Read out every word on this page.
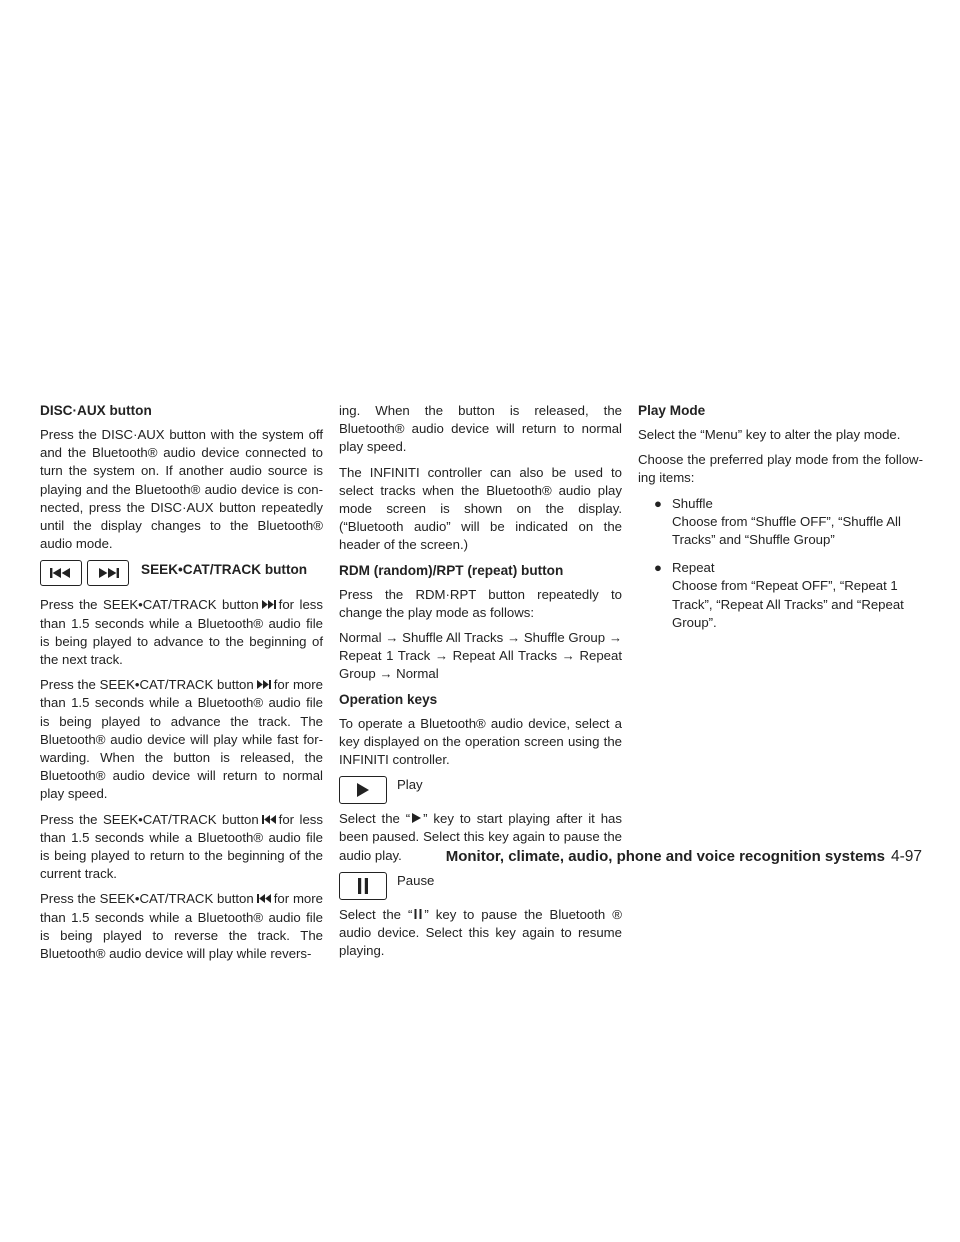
DISC·AUX button

Press the DISC·AUX button with the system off and the Bluetooth® audio device connected to turn the system on. If another audio source is playing and the Bluetooth® audio device is connected, press the DISC·AUX button repeatedly until the display changes to the Bluetooth® audio mode.

SEEK•CAT/TRACK button

Press the SEEK•CAT/TRACK button for less than 1.5 seconds while a Bluetooth® audio file is being played to advance to the beginning of the next track.

Press the SEEK•CAT/TRACK button for more than 1.5 seconds while a Bluetooth® audio file is being played to advance the track. The Bluetooth® audio device will play while fast forwarding. When the button is released, the Bluetooth® audio device will return to normal play speed.

Press the SEEK•CAT/TRACK button for less than 1.5 seconds while a Bluetooth® audio file is being played to return to the beginning of the current track.

Press the SEEK•CAT/TRACK button for more than 1.5 seconds while a Bluetooth® audio file is being played to reverse the track. The Bluetooth® audio device will play while revers-

ing. When the button is released, the Bluetooth® audio device will return to normal play speed.

The INFINITI controller can also be used to select tracks when the Bluetooth® audio play mode screen is shown on the display. (“Bluetooth audio” will be indicated on the header of the screen.)

RDM (random)/RPT (repeat) button

Press the RDM·RPT button repeatedly to change the play mode as follows:

Normal → Shuffle All Tracks → Shuffle Group → Repeat 1 Track → Repeat All Tracks → Repeat Group → Normal

Operation keys

To operate a Bluetooth® audio device, select a key displayed on the operation screen using the INFINITI controller.

Play

Select the “ ” key to start playing after it has been paused. Select this key again to pause the audio play.

Pause

Select the “ ” key to pause the Bluetooth ® audio device. Select this key again to resume playing.

Play Mode

Select the “Menu” key to alter the play mode.

Choose the preferred play mode from the following items:

● Shuffle
Choose from “Shuffle OFF”, “Shuffle All Tracks” and “Shuffle Group”
● Repeat
Choose from “Repeat OFF”, “Repeat 1 Track”, “Repeat All Tracks” and “Repeat Group”.
Monitor, climate, audio, phone and voice recognition systems 4-97
